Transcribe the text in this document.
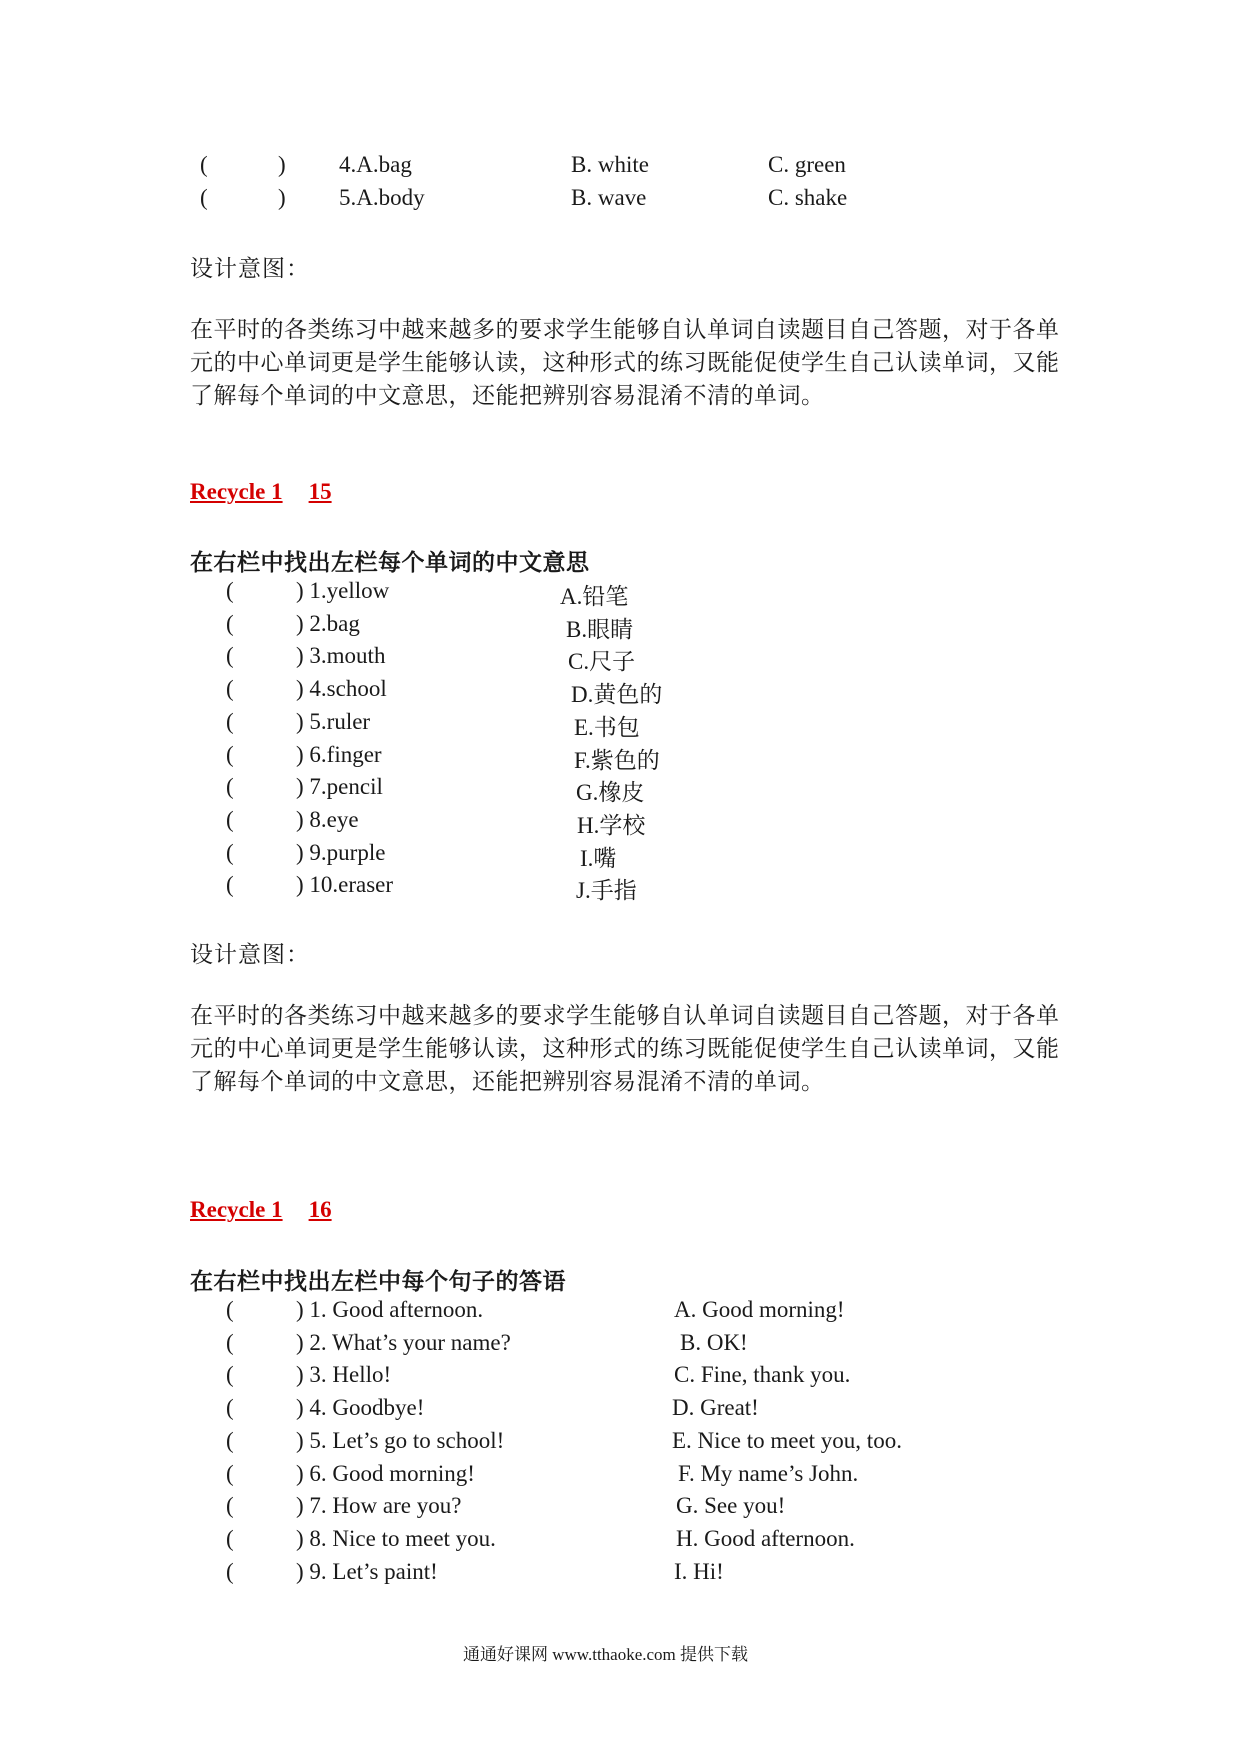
(	) 4.A.bag	B. white	C. green
(	) 5.A.body	B. wave	C. shake
设计意图：
在平时的各类练习中越来越多的要求学生能够自认单词自读题目自己答题，对于各单元的中心单词更是学生能够认读，这种形式的练习既能促使学生自己认读单词，又能了解每个单词的中文意思，还能把辨别容易混淆不清的单词。
Recycle 1 15
在右栏中找出左栏每个单词的中文意思
(	) 1.yellow	A.铅笔
(	) 2.bag	B.眼睛
(	) 3.mouth	C.尺子
(	) 4.school	D.黄色的
(	) 5.ruler	E.书包
(	) 6.finger	F.紫色的
(	) 7.pencil	G.橡皮
(	) 8.eye	H.学校
(	) 9.purple	I.嘴
(	) 10.eraser	J.手指
设计意图：
在平时的各类练习中越来越多的要求学生能够自认单词自读题目自己答题，对于各单元的中心单词更是学生能够认读，这种形式的练习既能促使学生自己认读单词，又能了解每个单词的中文意思，还能把辨别容易混淆不清的单词。
Recycle 1 16
在右栏中找出左栏中每个句子的答语
(	) 1. Good afternoon.	A. Good morning!
(	) 2. What’s your name?	B. OK!
(	) 3. Hello!	C. Fine, thank you.
(	) 4. Goodbye!	D. Great!
(	) 5. Let’s go to school!	E. Nice to meet you, too.
(	) 6. Good morning!	F. My name’s John.
(	) 7. How are you?	G. See you!
(	) 8. Nice to meet you.	H. Good afternoon.
(	) 9. Let’s paint!	I. Hi!
通通好课网 www.tthaoke.com 提供下载
